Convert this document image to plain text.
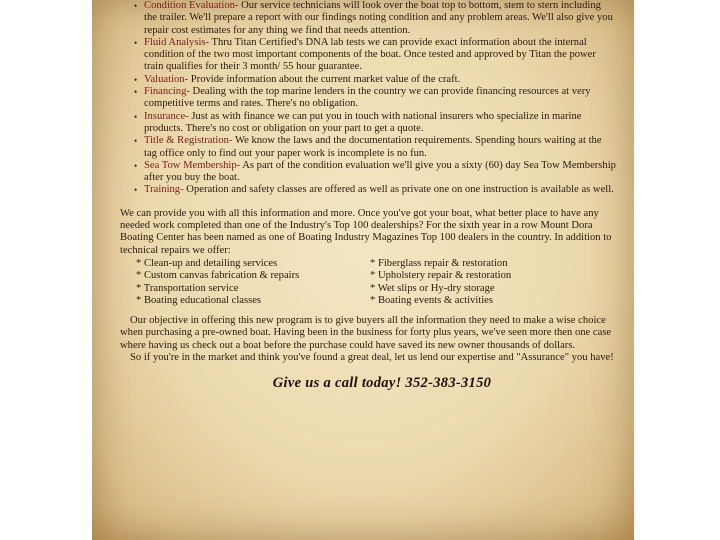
• Condition Evaluation- Our service technicians will look over the boat top to bottom, stem to stern including the trailer. We'll prepare a report with our findings noting condition and any problem areas. We'll also give you repair cost estimates for any thing we find that needs attention.
• Fluid Analysis- Thru Titan Certified's DNA lab tests we can provide exact information about the internal condition of the two most important components of the boat. Once tested and approved by Titan the power train qualifies for their 3 month/ 55 hour guarantee.
• Valuation- Provide information about the current market value of the craft.
• Financing- Dealing with the top marine lenders in the country we can provide financing resources at very competitive terms and rates. There's no obligation.
• Insurance- Just as with finance we can put you in touch with national insurers who specialize in marine products. There's no cost or obligation on your part to get a quote.
• Title & Registration- We know the laws and the documentation requirements. Spending hours waiting at the tag office only to find out your paper work is incomplete is no fun.
• Sea Tow Membership- As part of the condition evaluation we'll give you a sixty (60) day Sea Tow Membership after you buy the boat.
• Training- Operation and safety classes are offered as well as private one on one instruction is available as well.

We can provide you with all this information and more. Once you've got your boat, what better place to have any needed work completed than one of the Industry's Top 100 dealerships? For the sixth year in a row Mount Dora Boating Center has been named as one of Boating Industry Magazines Top 100 dealers in the country. In addition to technical repairs we offer:

* Clean-up and detailing services	* Fiberglass repair & restoration
* Custom canvas fabrication & repairs	* Upholstery repair & restoration
* Transportation service	* Wet slips or Hy-dry storage
* Boating educational classes	* Boating events & activities

Our objective in offering this new program is to give buyers all the information they need to make a wise choice when purchasing a pre-owned boat. Having been in the business for forty plus years, we've seen more then one case where having us check out a boat before the purchase could have saved its new owner thousands of dollars.

So if you're in the market and think you've found a great deal, let us lend our expertise and "Assurance" you have!

Give us a call today! 352-383-3150
